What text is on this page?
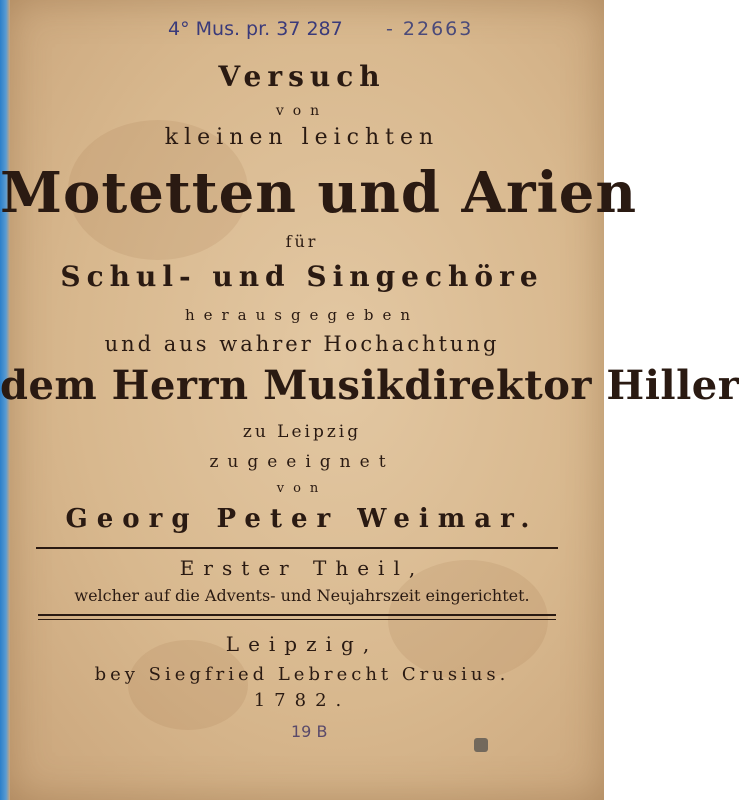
4° Mus. pr. 37 287 - 22663
Versuch
von
kleinen leichten
Motetten und Arien
für
Schul- und Singechöre
herausgegeben
und aus wahrer Hochachtung
dem Herrn Musikdirektor Hiller
zu Leipzig
zugeeignet
von
Georg Peter Weimar.
Erster Theil,
welcher auf die Advents- und Neujahrszeit eingerichtet.
Leipzig,
bey Siegfried Lebrecht Crusius.
1782.
19 B
